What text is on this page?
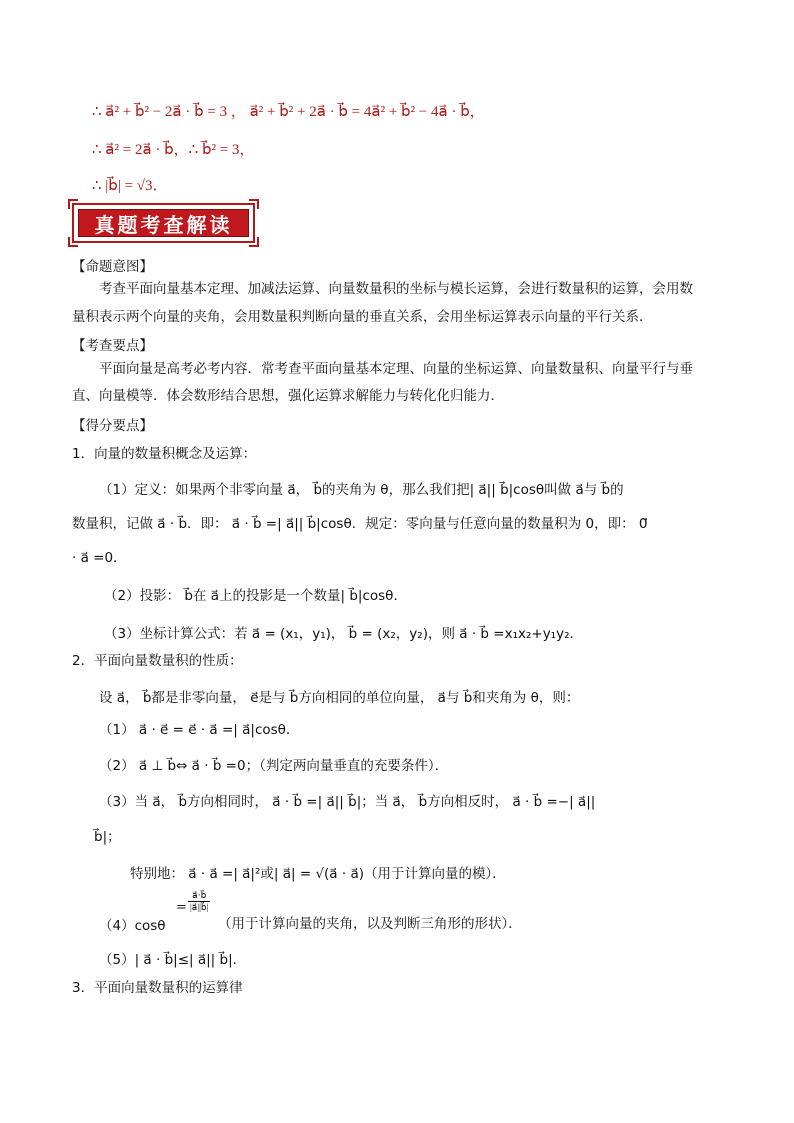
∴ a⃗² + b⃗² − 2a⃗ · b⃗ = 3 ， a⃗² + b⃗² + 2a⃗ · b⃗ = 4a⃗² + b⃗² − 4a⃗ · b⃗，
∴ a⃗² = 2a⃗ · b⃗，∴ b⃗² = 3，
∴ |b⃗| = √3．
真题考查解读
【命题意图】
考查平面向量基本定理、加减法运算、向量数量积的坐标与模长运算，会进行数量积的运算，会用数
量积表示两个向量的夹角，会用数量积判断向量的垂直关系，会用坐标运算表示向量的平行关系．
【考查要点】
平面向量是高考必考内容．常考查平面向量基本定理、向量的坐标运算、向量数量积、向量平行与垂
直、向量模等．体会数形结合思想，强化运算求解能力与转化化归能力．
【得分要点】
1．向量的数量积概念及运算：
（1）定义：如果两个非零向量 a⃗， b⃗的夹角为 θ，那么我们把| a⃗|| b⃗|cosθ叫做 a⃗与 b⃗的
数量积，记做 a⃗ · b⃗．即： a⃗ · b⃗ =| a⃗|| b⃗|cosθ．规定：零向量与任意向量的数量积为 0，即： 0⃗
· a⃗ =0．
（2）投影： b⃗在 a⃗上的投影是一个数量| b⃗|cosθ．
（3）坐标计算公式：若 a⃗ = (x₁，y₁)， b⃗ = (x₂，y₂)，则 a⃗ · b⃗ =x₁x₂+y₁y₂．
2．平面向量数量积的性质：
设 a⃗， b⃗都是非零向量， e⃗是与 b⃗方向相同的单位向量， a⃗与 b⃗和夹角为 θ，则：
（1） a⃗ · e⃗ = e⃗ · a⃗ =| a⃗|cosθ．
（2） a⃗ ⊥ b⃗⇔ a⃗ · b⃗ =0；（判定两向量垂直的充要条件）．
（3）当 a⃗， b⃗方向相同时， a⃗ · b⃗ =| a⃗|| b⃗|；当 a⃗， b⃗方向相反时， a⃗ · b⃗ =−| a⃗||
b⃗|；
特别地： a⃗ · a⃗ =| a⃗|²或| a⃗| = √(a⃗ · a⃗)（用于计算向量的模）．
（4）cosθ
$\frac{a⃗\cdot b⃗}{|a⃗||b⃗|}$
=
（用于计算向量的夹角，以及判断三角形的形状）．
（5）| a⃗ · b⃗|≤| a⃗|| b⃗|．
3．平面向量数量积的运算律
